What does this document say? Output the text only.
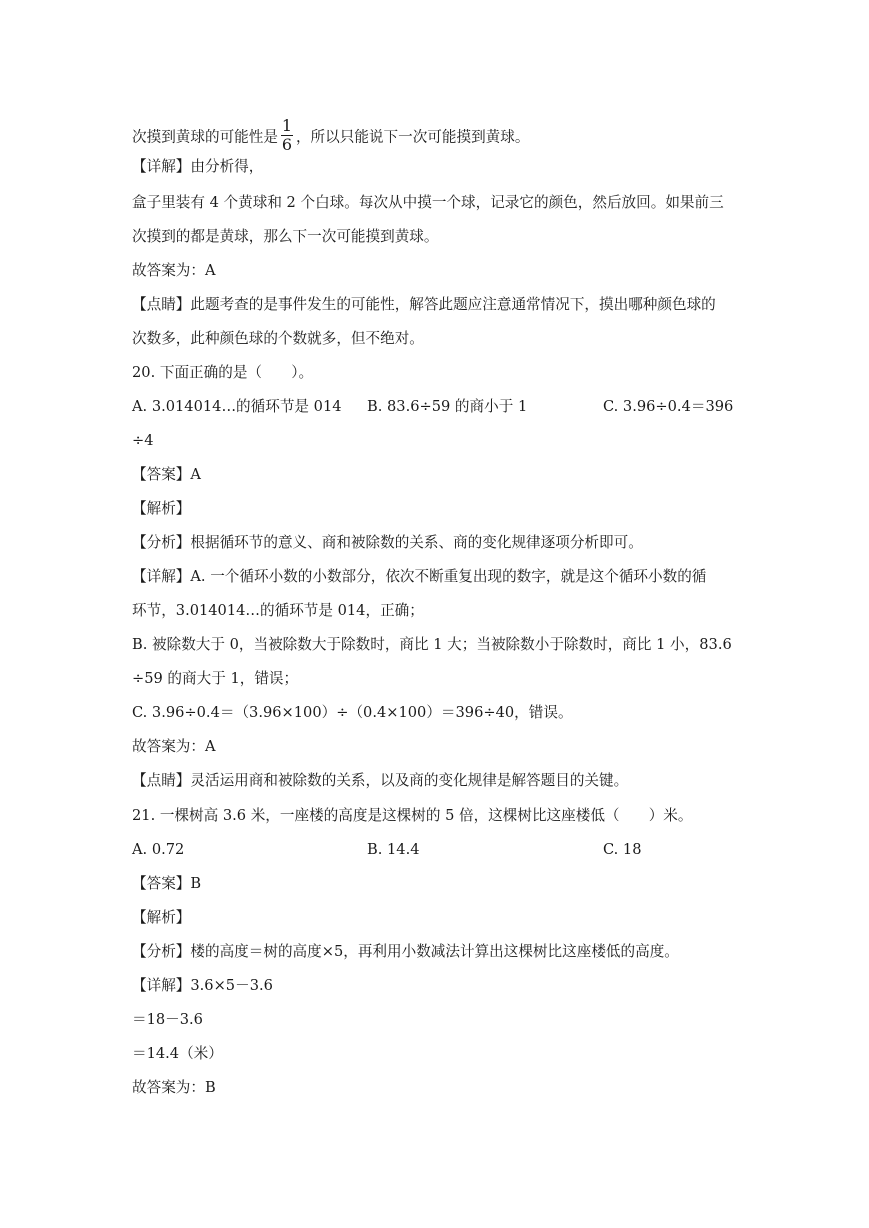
次摸到黄球的可能性是 $\frac{1}{6}$ ，所以只能说下一次可能摸到黄球。
【详解】由分析得，
盒子里装有 4 个黄球和 2 个白球。每次从中摸一个球，记录它的颜色，然后放回。如果前三
次摸到的都是黄球，那么下一次可能摸到黄球。
故答案为：A
【点睛】此题考查的是事件发生的可能性，解答此题应注意通常情况下，摸出哪种颜色球的
次数多，此种颜色球的个数就多，但不绝对。
20. 下面正确的是（　　）。
A. 3.014014…的循环节是 014 B. 83.6÷59 的商小于 1	C. 3.96÷0.4＝396
÷4
【答案】A
【解析】
【分析】根据循环节的意义、商和被除数的关系、商的变化规律逐项分析即可。
【详解】A. 一个循环小数的小数部分，依次不断重复出现的数字，就是这个循环小数的循
环节，3.014014…的循环节是 014，正确；
B. 被除数大于 0，当被除数大于除数时，商比 1 大；当被除数小于除数时，商比 1 小，83.6
÷59 的商大于 1，错误；
C. 3.96÷0.4＝（3.96×100）÷（0.4×100）＝396÷40，错误。
故答案为：A
【点睛】灵活运用商和被除数的关系，以及商的变化规律是解答题目的关键。
21. 一棵树高 3.6 米，一座楼的高度是这棵树的 5 倍，这棵树比这座楼低（　　）米。
A. 0.72	B. 14.4	C. 18
【答案】B
【解析】
【分析】楼的高度＝树的高度×5，再利用小数减法计算出这棵树比这座楼低的高度。
【详解】3.6×5－3.6
＝18－3.6
＝14.4（米）
故答案为：B
